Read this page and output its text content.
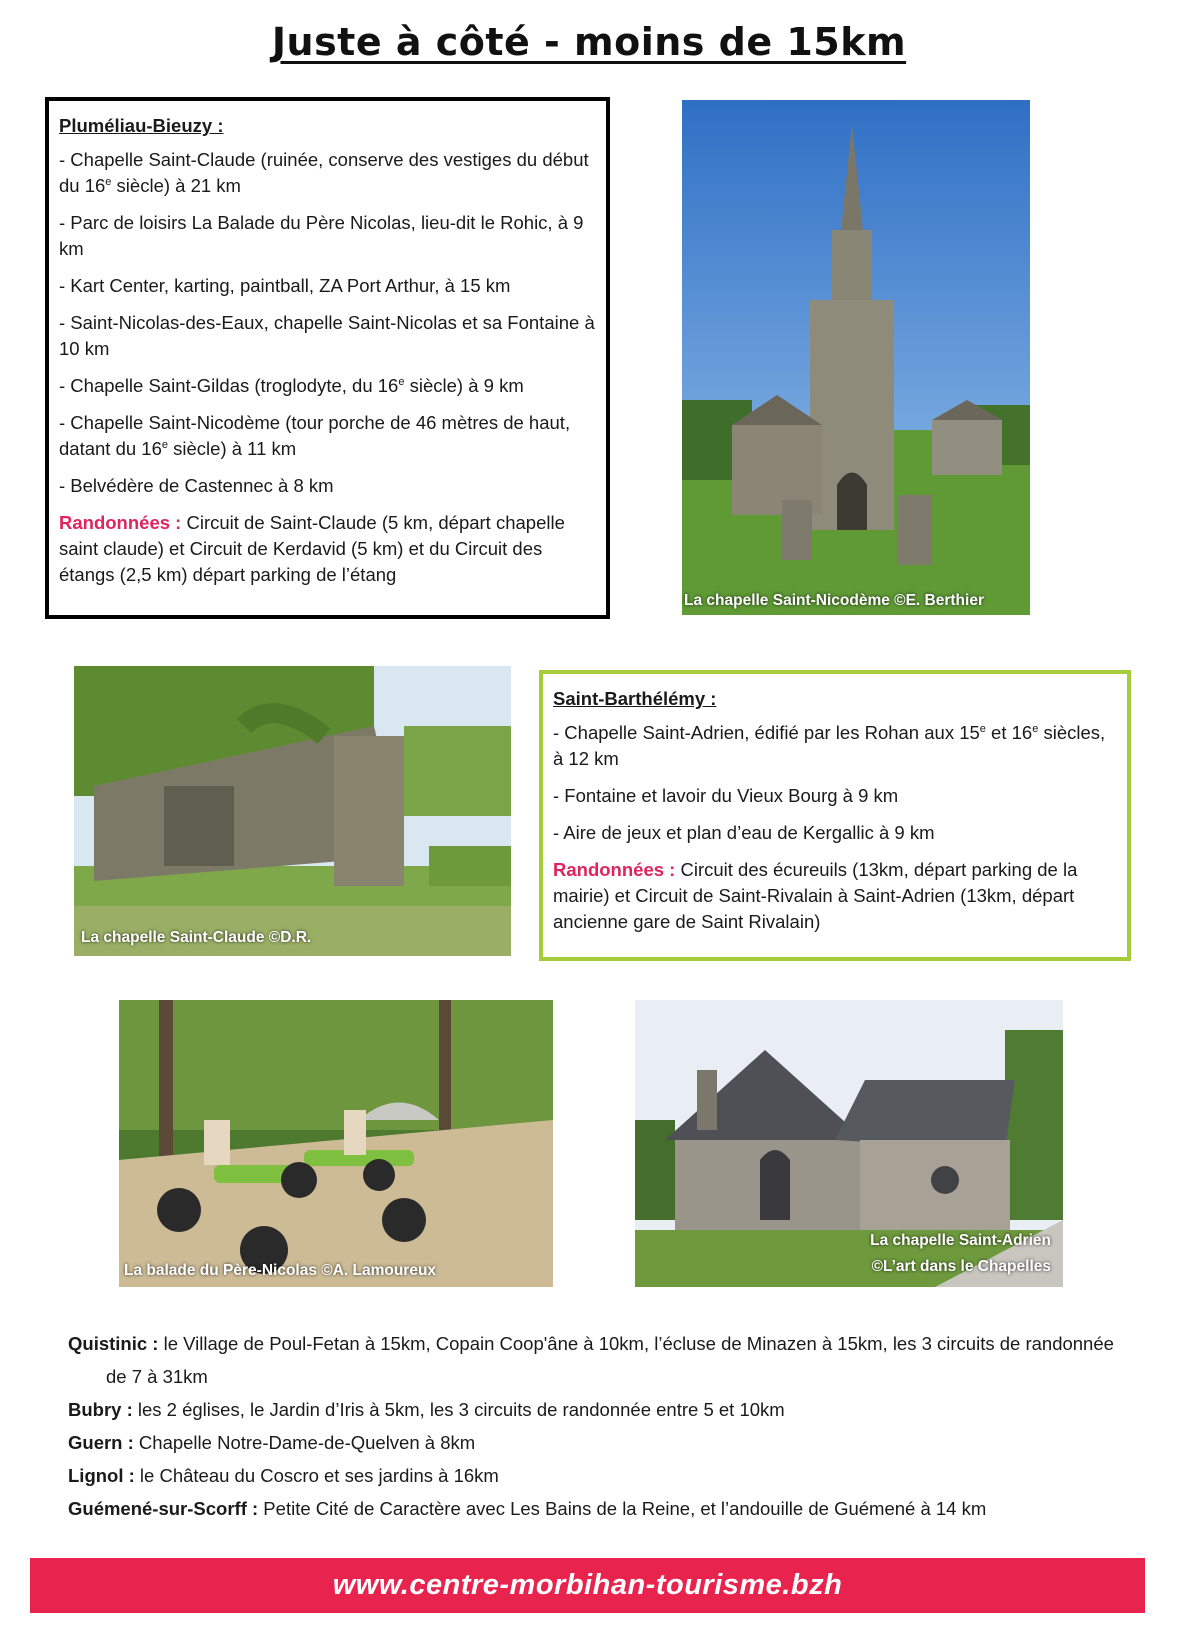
Juste à côté - moins de 15km
Pluméliau-Bieuzy :
- Chapelle Saint-Claude (ruinée, conserve des vestiges du début du 16e siècle) à 21 km
- Parc de loisirs La Balade du Père Nicolas, lieu-dit le Rohic, à 9 km
- Kart Center, karting, paintball, ZA Port Arthur, à 15 km
- Saint-Nicolas-des-Eaux, chapelle Saint-Nicolas et sa Fontaine à 10 km
- Chapelle Saint-Gildas (troglodyte, du 16e siècle) à 9 km
- Chapelle Saint-Nicodème (tour porche de 46 mètres de haut, datant du 16e siècle) à 11 km
- Belvédère de Castennec à 8 km
Randonnées : Circuit de Saint-Claude (5 km, départ chapelle saint claude) et Circuit de Kerdavid (5 km) et du Circuit des étangs (2,5 km) départ parking de l’étang
La chapelle Saint-Nicodème ©E. Berthier
La chapelle Saint-Claude ©D.R.
Saint-Barthélémy :
- Chapelle Saint-Adrien, édifié par les Rohan aux 15e et 16e siècles, à 12 km
- Fontaine et lavoir du Vieux Bourg à 9 km
- Aire de jeux et plan d’eau de Kergallic à 9 km
Randonnées : Circuit des écureuils (13km, départ parking de la mairie) et Circuit de Saint-Rivalain à Saint-Adrien (13km, départ ancienne gare de Saint Rivalain)
La balade du Père-Nicolas ©A. Lamoureux
La chapelle Saint-Adrien
©L’art dans le Chapelles
Quistinic : le Village de Poul-Fetan à 15km, Copain Coop'âne à 10km, l’écluse de Minazen à 15km, les 3 circuits de randonnée de 7 à 31km
Bubry : les 2 églises, le Jardin d’Iris à 5km, les 3 circuits de randonnée entre 5 et 10km
Guern : Chapelle Notre-Dame-de-Quelven à 8km
Lignol : le Château du Coscro et ses jardins à 16km
Guémené-sur-Scorff : Petite Cité de Caractère avec Les Bains de la Reine, et l’andouille de Guémené à 14 km
www.centre-morbihan-tourisme.bzh
